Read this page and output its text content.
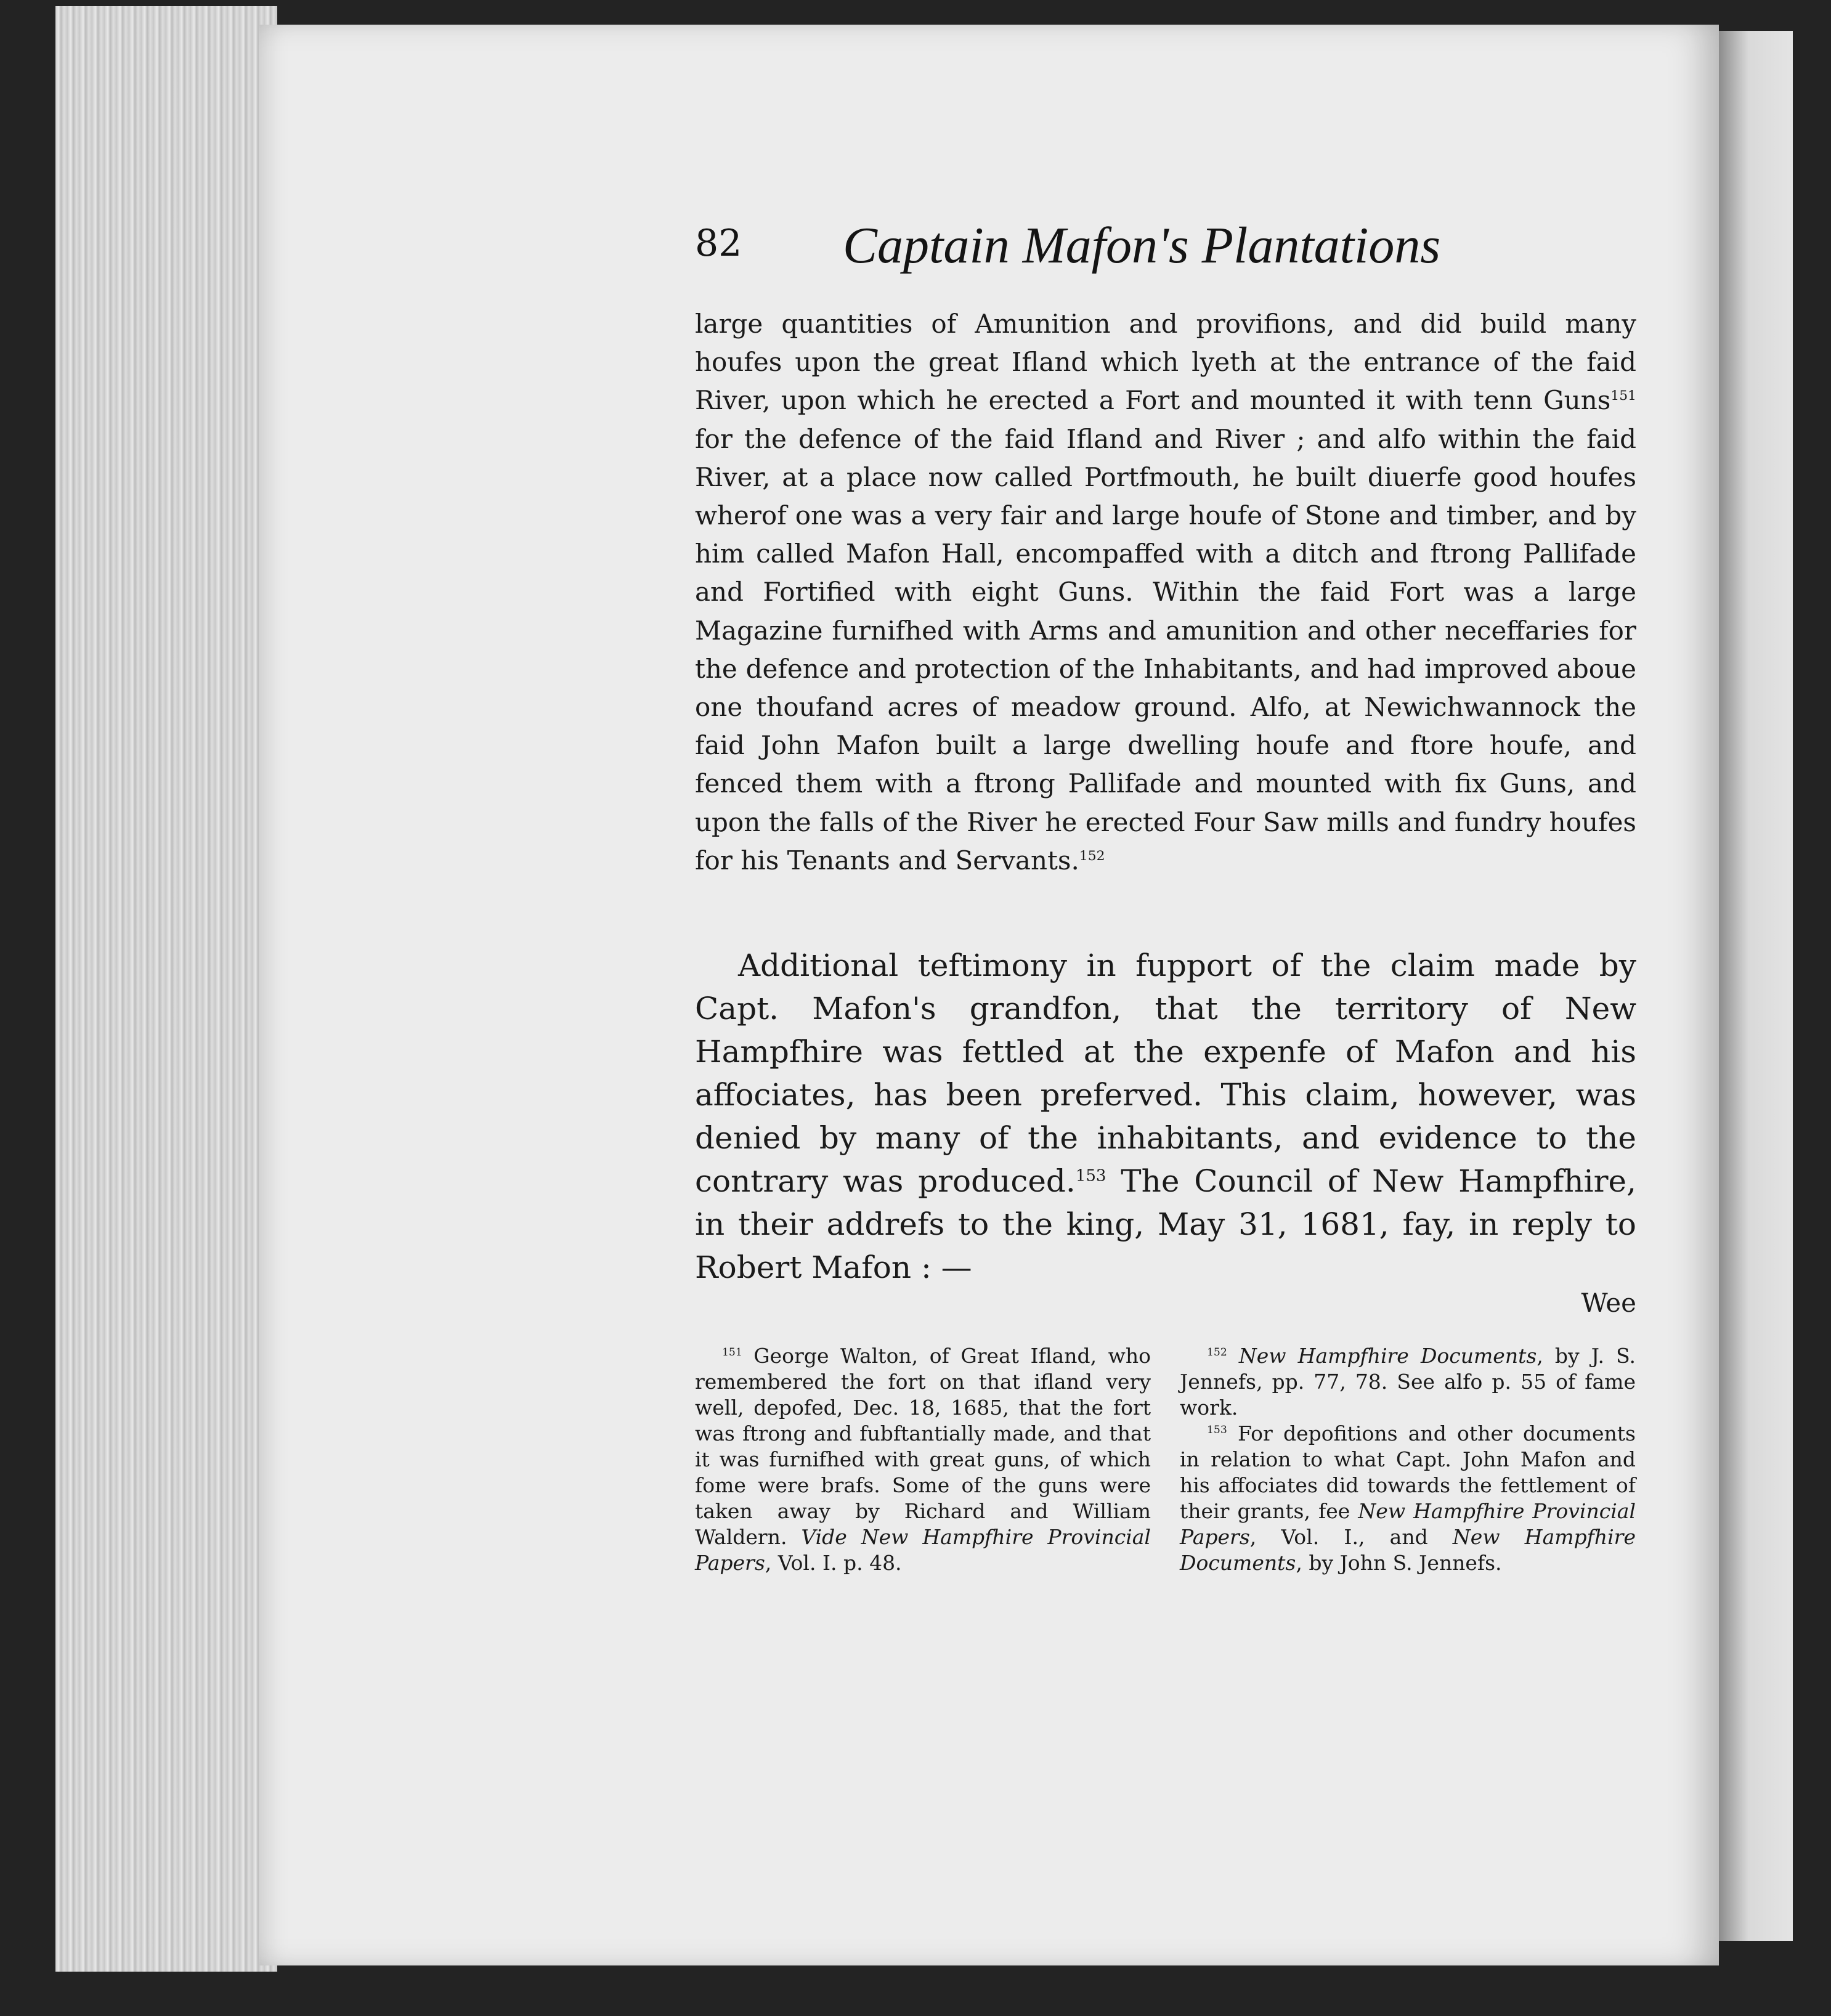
82 Captain Mafon's Plantations

large quantities of Amunition and provifions, and did build many houfes upon the great Ifland which lyeth at the entrance of the faid River, upon which he erected a Fort and mounted it with tenn Guns$^{151}$ for the defence of the faid Ifland and River ; and alfo within the faid River, at a place now called Portfmouth, he built diuerfe good houfes wherof one was a very fair and large houfe of Stone and timber, and by him called Mafon Hall, encompaffed with a ditch and ftrong Pallifade and Fortified with eight Guns. Within the faid Fort was a large Magazine furnifhed with Arms and amunition and other neceffaries for the defence and protection of the Inhabitants, and had improved aboue one thoufand acres of meadow ground. Alfo, at Newichwannock the faid John Mafon built a large dwelling houfe and ftore houfe, and fenced them with a ftrong Pallifade and mounted with fix Guns, and upon the falls of the River he erected Four Saw mills and fundry houfes for his Tenants and Servants.$^{152}$

Additional teftimony in fupport of the claim made by Capt. Mafon's grandfon, that the territory of New Hampfhire was fettled at the expenfe of Mafon and his affociates, has been preferved. This claim, however, was denied by many of the inhabitants, and evidence to the contrary was produced.$^{153}$ The Council of New Hampfhire, in their addrefs to the king, May 31, 1681, fay, in reply to Robert Mafon : —

Wee

$^{151}$ George Walton, of Great Ifland, who remembered the fort on that ifland very well, depofed, Dec. 18, 1685, that the fort was ftrong and fubftantially made, and that it was furnifhed with great guns, of which fome were brafs. Some of the guns were taken away by Richard and William Waldern. Vide New Hampfhire Provincial Papers, Vol. I. p. 48.

$^{152}$ New Hampfhire Documents, by J. S. Jennefs, pp. 77, 78. See alfo p. 55 of fame work.

$^{153}$ For depofitions and other documents in relation to what Capt. John Mafon and his affociates did towards the fettlement of their grants, fee New Hampfhire Provincial Papers, Vol. I., and New Hampfhire Documents, by John S. Jennefs.
